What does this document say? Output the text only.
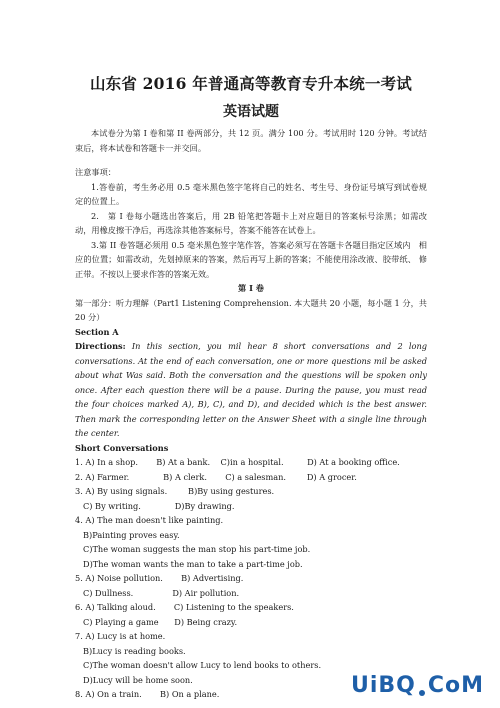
山东省 2016 年普通高等教育专升本统一考试

英语试题

本试卷分为第 I 卷和第 II 卷两部分，共 12 页。满分 100 分。考试用时 120 分钟。考试结束后，将本试卷和答题卡一并交回。

注意事项：

1.答卷前，考生务必用 0.5 毫米黑色签字笔将自己的姓名、考生号、身份证号填写到试卷规定的位置上。

2.　第 I 卷每小题选出答案后，用 2B 铅笔把答题卡上对应题目的答案标号涂黑；如需改 动，用橡皮擦干净后，再选涂其他答案标号，答案不能答在试卷上。

3.第 II 卷答题必须用 0.5 毫米黑色签字笔作答，答案必须写在答题卡各题目指定区域内　相应的位置；如需改动，先划掉原来的答案，然后再写上新的答案；不能使用涂改液、胶带纸、 修正带。不按以上要求作答的答案无效。

第 I 卷

第一部分：听力理解（Part1 Listening Comprehension. 本大题共 20 小题，每小题 1 分，共 20 分）

Section A

Directions: In this section, you mil hear 8 short conversations and 2 long conversations. At the end of each conversation, one or more questions mil be asked about what Was said. Both the conversation and the questions will be spoken only once. After each question there will be a pause. During the pause, you must read the four choices marked A), B), C), and D), and decided which is the best answer. Then mark the corresponding letter on the Answer Sheet with a single line through the center.

Short Conversations

1. A) In a shop. B) At a bank. C)in a hospital.	D) At a booking office.

2. A) Farmer.	B) A clerk. C) a salesman.	D) A grocer.

3. A) By using signals.	B)By using gestures.

C) By writing.	D)By drawing.

4. A) The man doesn't like painting.

B)Painting proves easy.

C)The woman suggests the man stop his part-time job.

D)The woman wants the man to take a part-time job.

5. A) Noise pollution. B) Advertising.

C) Dullness.	D) Air pollution.

6. A) Talking aloud. C) Listening to the speakers.

C) Playing a game D) Being crazy.

7. A) Lucy is at home.

B)Lucy is reading books.

C)The woman doesn't allow Lucy to lend books to others.

D)Lucy will be home soon.

8. A) On a train. B) On a plane.	UiBQ CoM
